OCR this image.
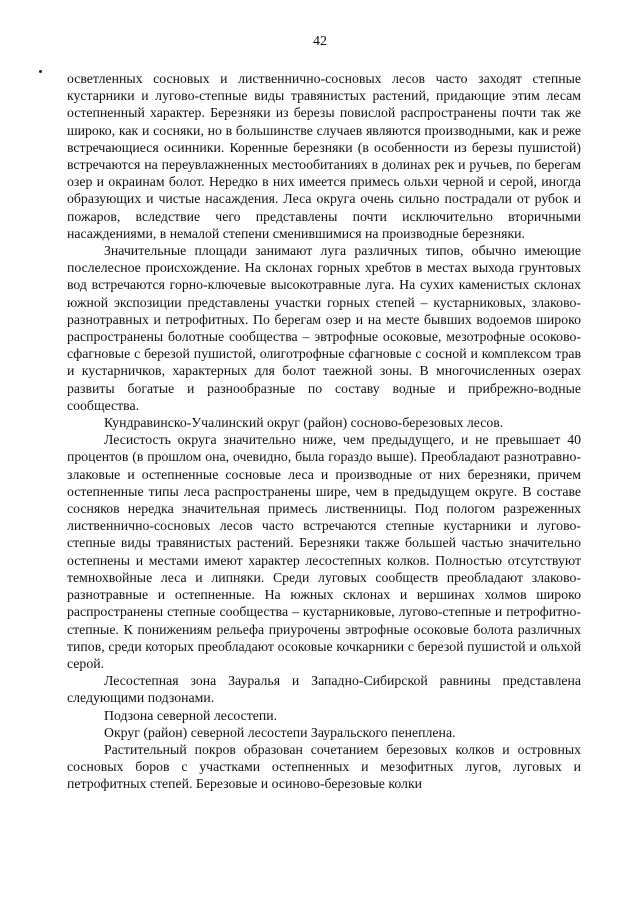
42

осветленных сосновых и лиственнично-сосновых лесов часто заходят степные кустарники и лугово-степные виды травянистых растений, придающие этим лесам остепненный характер. Березняки из березы повислой распространены почти так же широко, как и сосняки, но в большинстве случаев являются производными, как и реже встречающиеся осинники. Коренные березняки (в особенности из березы пушистой) встречаются на переувлажненных местообитаниях в долинах рек и ручьев, по берегам озер и окраинам болот. Нередко в них имеется примесь ольхи черной и серой, иногда образующих и чистые насаждения. Леса округа очень сильно пострадали от рубок и пожаров, вследствие чего представлены почти исключительно вторичными насаждениями, в немалой степени сменившимися на производные березняки.

Значительные площади занимают луга различных типов, обычно имеющие послелесное происхождение. На склонах горных хребтов в местах выхода грунтовых вод встречаются горно-ключевые высокотравные луга. На сухих каменистых склонах южной экспозиции представлены участки горных степей – кустарниковых, злаково-разнотравных и петрофитных. По берегам озер и на месте бывших водоемов широко распространены болотные сообщества – эвтрофные осоковые, мезотрофные осоково-сфагновые с березой пушистой, олиготрофные сфагновые с сосной и комплексом трав и кустарничков, характерных для болот таежной зоны. В многочисленных озерах развиты богатые и разнообразные по составу водные и прибрежно-водные сообщества.

Кундравинско-Учалинский округ (район) сосново-березовых лесов.

Лесистость округа значительно ниже, чем предыдущего, и не превышает 40 процентов (в прошлом она, очевидно, была гораздо выше). Преобладают разнотравно-злаковые и остепненные сосновые леса и производные от них березняки, причем остепненные типы леса распространены шире, чем в предыдущем округе. В составе сосняков нередка значительная примесь лиственницы. Под пологом разреженных лиственнично-сосновых лесов часто встречаются степные кустарники и лугово-степные виды травянистых растений. Березняки также большей частью значительно остепнены и местами имеют характер лесостепных колков. Полностью отсутствуют темнохвойные леса и липняки. Среди луговых сообществ преобладают злаково-разнотравные и остепненные. На южных склонах и вершинах холмов широко распространены степные сообщества – кустарниковые, лугово-степные и петрофитно-степные. К понижениям рельефа приурочены эвтрофные осоковые болота различных типов, среди которых преобладают осоковые кочкарники с березой пушистой и ольхой серой.

Лесостепная зона Зауралья и Западно-Сибирской равнины представлена следующими подзонами.

Подзона северной лесостепи.

Округ (район) северной лесостепи Зауральского пенеплена.

Растительный покров образован сочетанием березовых колков и островных сосновых боров с участками остепненных и мезофитных лугов, луговых и петрофитных степей. Березовые и осиново-березовые колки
